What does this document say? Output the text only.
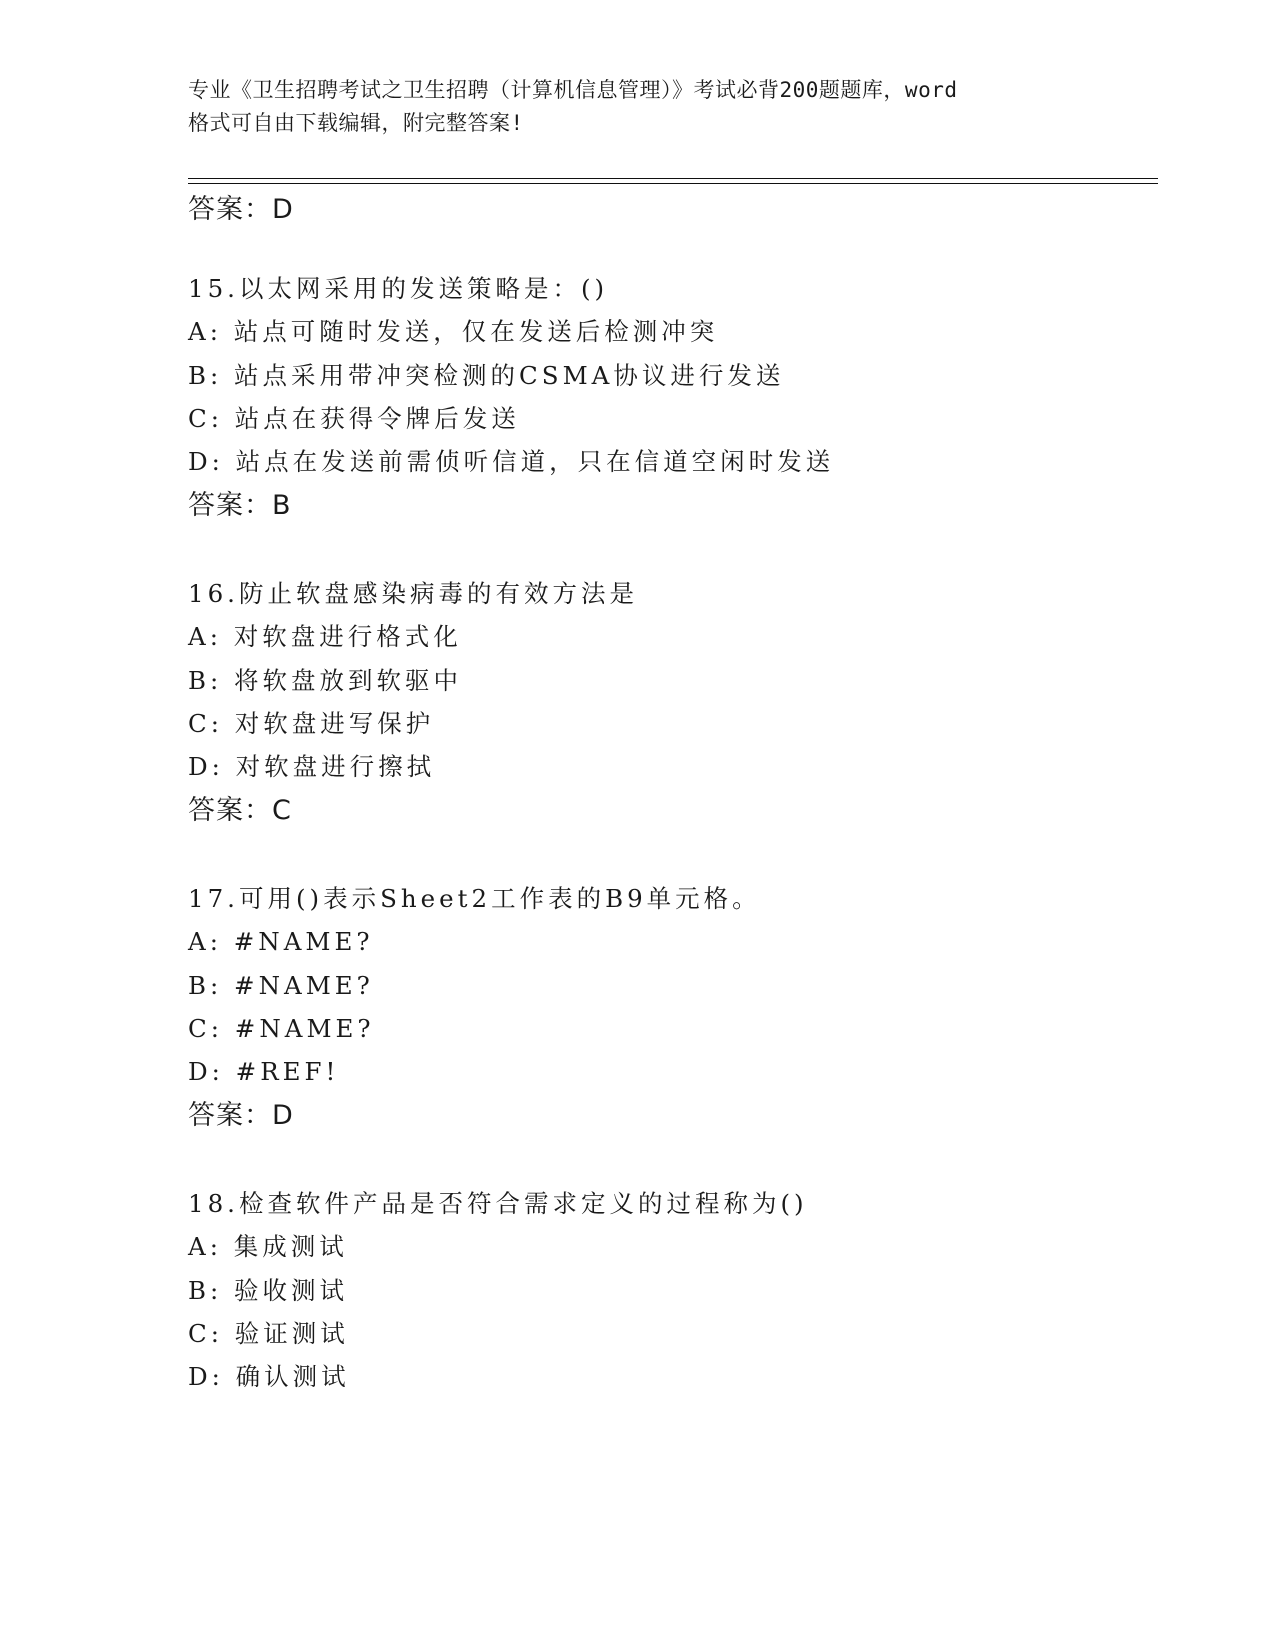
专业《卫生招聘考试之卫生招聘（计算机信息管理）》考试必背200题题库，word
格式可自由下载编辑，附完整答案!
答案：D
15.以太网采用的发送策略是：()
A: 站点可随时发送，仅在发送后检测冲突
B: 站点采用带冲突检测的CSMA协议进行发送
C: 站点在获得令牌后发送
D: 站点在发送前需侦听信道，只在信道空闲时发送
答案：B
16.防止软盘感染病毒的有效方法是
A: 对软盘进行格式化
B: 将软盘放到软驱中
C: 对软盘进写保护
D: 对软盘进行擦拭
答案：C
17.可用()表示Sheet2工作表的B9单元格。
A: #NAME?
B: #NAME?
C: #NAME?
D: #REF!
答案：D
18.检查软件产品是否符合需求定义的过程称为()
A: 集成测试
B: 验收测试
C: 验证测试
D: 确认测试
